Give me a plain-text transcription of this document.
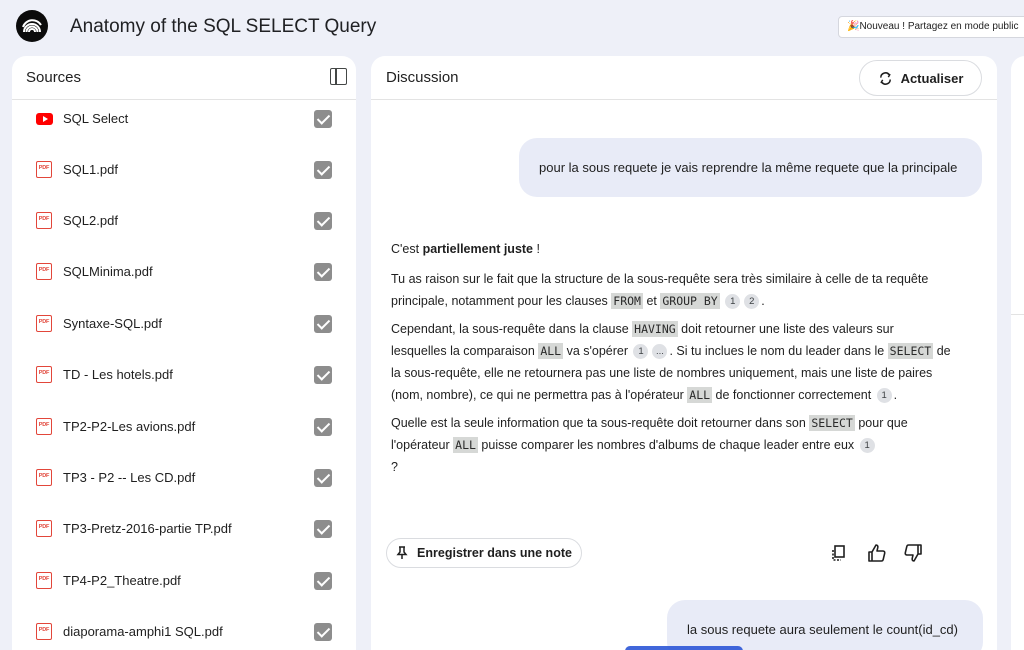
Anatomy of the SQL SELECT Query	🎉Nouveau ! Partagez en mode public
Sources
SQL Select
PDF
SQL1.pdf
PDF
SQL2.pdf
PDF
SQLMinima.pdf
PDF
Syntaxe-SQL.pdf
PDF
TD - Les hotels.pdf
PDF
TP2-P2-Les avions.pdf
PDF
TP3 - P2 -- Les CD.pdf
PDF
TP3-Pretz-2016-partie TP.pdf
PDF
TP4-P2_Theatre.pdf
PDF
diaporama-amphi1 SQL.pdf
Discussion	Actualiser
pour la sous requete je vais reprendre la même requete que la principale

C'est partiellement juste !

Tu as raison sur le fait que la structure de la sous-requête sera très similaire à celle de ta requête principale, notamment pour les clauses FROM et GROUP BY 1 2 .

Cependant, la sous-requête dans la clause HAVING doit retourner une liste des valeurs sur lesquelles la comparaison ALL va s'opérer 1 ... . Si tu inclues le nom du leader dans le SELECT de la sous-requête, elle ne retournera pas une liste de nombres uniquement, mais une liste de paires (nom, nombre), ce qui ne permettra pas à l'opérateur ALL de fonctionner correctement 1 .

Quelle est la seule information que ta sous-requête doit retourner dans son SELECT pour que l'opérateur ALL puisse comparer les nombres d'albums de chaque leader entre eux 1
?

Enregistrer dans une note
la sous requete aura seulement le count(id_cd)
